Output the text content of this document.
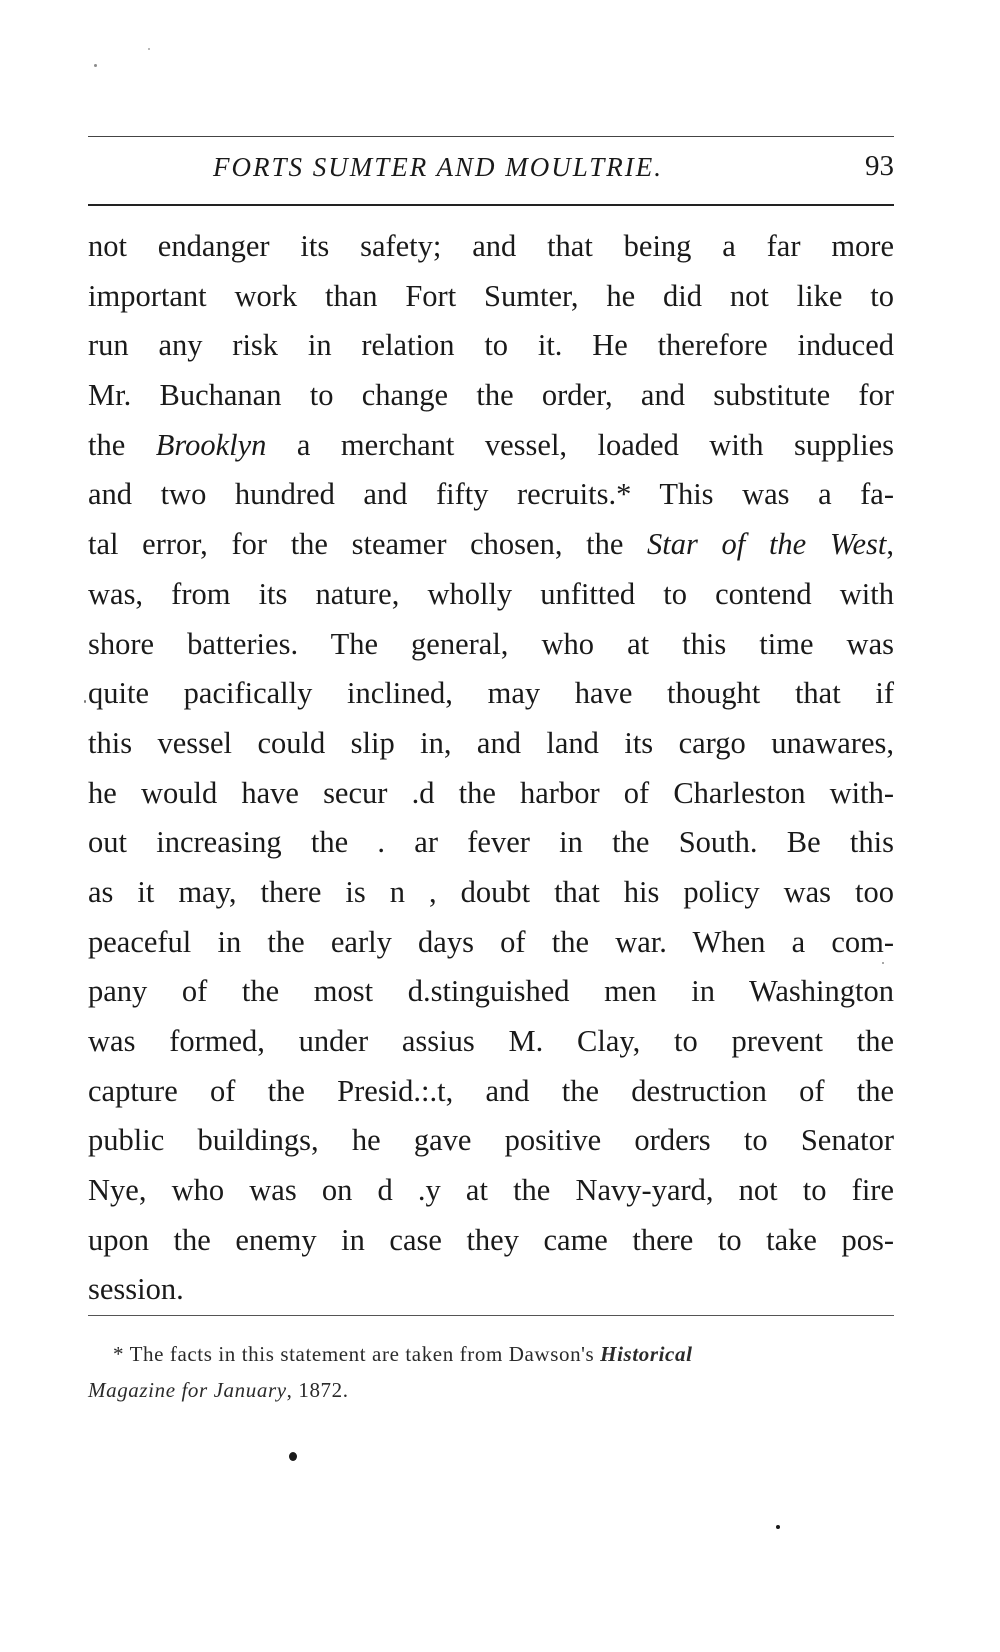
FORTS SUMTER AND MOULTRIE.	93
not endanger its safety; and that being a far more
important work than Fort Sumter, he did not like to
run any risk in relation to it. He therefore induced
Mr. Buchanan to change the order, and substitute for
the Brooklyn a merchant vessel, loaded with supplies
and two hundred and fifty recruits.* This was a fa-
tal error, for the steamer chosen, the Star of the West,
was, from its nature, wholly unfitted to contend with
shore batteries. The general, who at this time was
quite pacifically inclined, may have thought that if
this vessel could slip in, and land its cargo unawares,
he would have secur .d the harbor of Charleston with-
out increasing the . ar fever in the South. Be this
as it may, there is n , doubt that his policy was too
peaceful in the early days of the war. When a com-
pany of the most d.stinguished men in Washington
was formed, under assius M. Clay, to prevent the
capture of the Presid.:.t, and the destruction of the
public buildings, he gave positive orders to Senator
Nye, who was on d .y at the Navy-yard, not to fire
upon the enemy in case they came there to take pos-
session.
* The facts in this statement are taken from Dawson's Historical
Magazine for January, 1872.
